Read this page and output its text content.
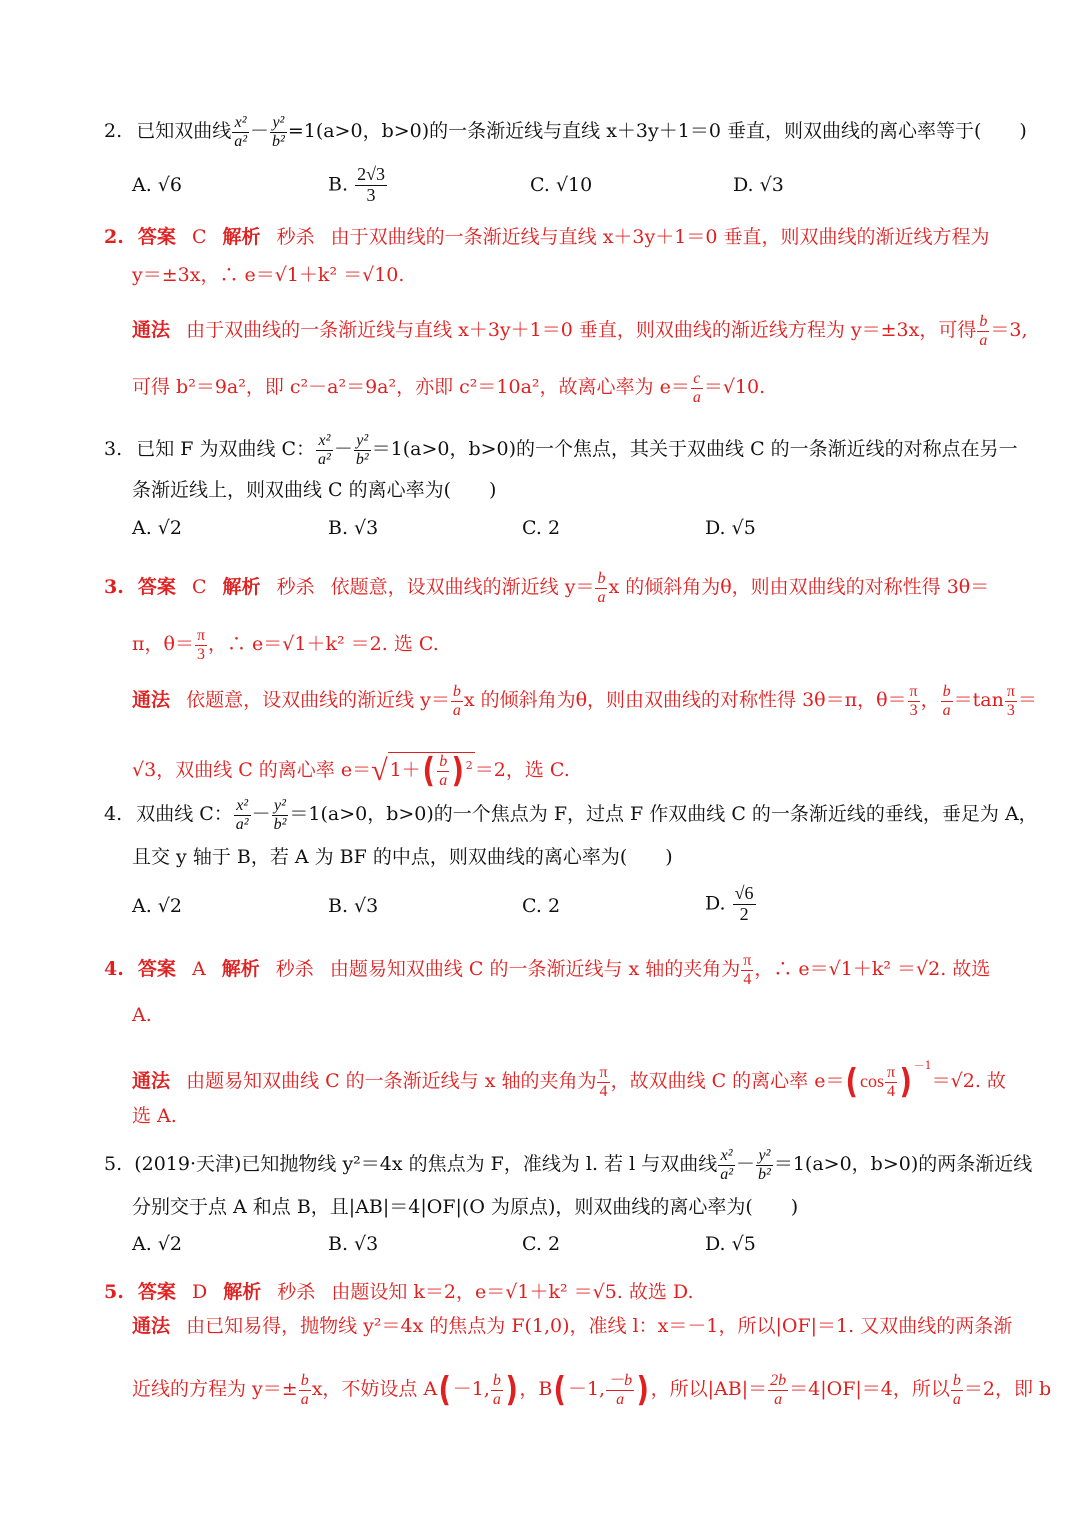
2. 已知双曲线 $\frac{\text{x²}}{\text{a²}} - \frac{\text{y²}}{\text{b²}} =1(a>0$，b>0)的一条渐近线与直线 x＋3y＋1＝0 垂直，则双曲线的离心率等于(　　)
A. √6	B. $\frac{2√3}{3}$	C. √10	D. √3
2. 答案 C 解析 秒杀 由于双曲线的一条渐近线与直线 x＋3y＋1＝0 垂直，则双曲线的渐近线方程为
y＝±3x，∴ e＝√1＋k² ＝√10.
通法 由于双曲线的一条渐近线与直线 x＋3y＋1＝0 垂直，则双曲线的渐近线方程为 y＝±3x，可得 $\frac{b}{a} =3$,
可得 b²＝9a²，即 c²－a²＝9a²，亦即 c²＝10a²，故离心率为 $e= \frac{c}{a} =√10$.
3. 已知 F 为双曲线 C： $\frac{\text{x²}}{\text{a²}} - \frac{\text{y²}}{\text{b²}} =1(a>0$，b>0)的一个焦点，其关于双曲线 C 的一条渐近线的对称点在另一
条渐近线上，则双曲线 C 的离心率为(　　)
A. √2	B. √3	C. 2	D. √5
3. 答案 C 解析 秒杀 依题意，设双曲线的渐近线 $y= \frac{b}{a}$ x 的倾斜角为θ，则由双曲线的对称性得 3θ＝
π，$\theta= \frac{\pi}{3}$ ，∴ e＝√1＋k² ＝2. 选 C.
通法 依题意，设双曲线的渐近线 $y= \frac{b}{a}$ x 的倾斜角为θ，则由双曲线的对称性得 3θ＝π，$\theta= \frac{\pi}{3}$ ， $\frac{b}{a} =\tan \frac{\pi}{3}$ ＝
√3，双曲线 C 的离心率 e＝√ $1+( \frac{b}{a}$ ) $^2$ ＝2，选 C.
4. 双曲线 C： $\frac{\text{x²}}{\text{a²}} - \frac{\text{y²}}{\text{b²}} =1(a>0$，b>0)的一个焦点为 F，过点 F 作双曲线 C 的一条渐近线的垂线，垂足为 A，
且交 y 轴于 B，若 A 为 BF 的中点，则双曲线的离心率为(　　)
A. √2	B. √3	C. 2	D. $\frac{√6}{2}$
4. 答案 A 解析 秒杀 由题易知双曲线 C 的一条渐近线与 x 轴的夹角为 $\frac{\pi}{4}$ ，∴ e＝√1＋k² ＝√2. 故选
A.
通法 由题易知双曲线 C 的一条渐近线与 x 轴的夹角为 $\frac{\pi}{4}$ ，故双曲线 C 的离心率 $e=(\cos \frac{\pi}{4}$ ) $^{-1}$＝√2. 故
选 A.
5. (2019·天津)已知抛物线 y²＝4x 的焦点为 F，准线为 l. 若 l 与双曲线 $\frac{\text{x²}}{\text{a²}} - \frac{\text{y²}}{\text{b²}} =1(a>0$，b>0)的两条渐近线
分别交于点 A 和点 B，且|AB|＝4|OF|(O 为原点)，则双曲线的离心率为(　　)
A. √2	B. √3	C. 2	D. √5
5. 答案 D 解析 秒杀 由题设知 k＝2，e＝√1＋k² ＝√5. 故选 D.
通法 由已知易得，抛物线 y²＝4x 的焦点为 F(1,0)，准线 l：x＝－1，所以|OF|＝1. 又双曲线的两条渐
近线的方程为 $y=\pm \frac{b}{a}$ x，不妨设点 A(－1, $\frac{b}{a}$ )，B(－1, $\frac{-b}{a}$ )，所以$|AB|= \frac{2b}{a} =4|OF|=4$，所以 $\frac{b}{a} =2$，即 b
